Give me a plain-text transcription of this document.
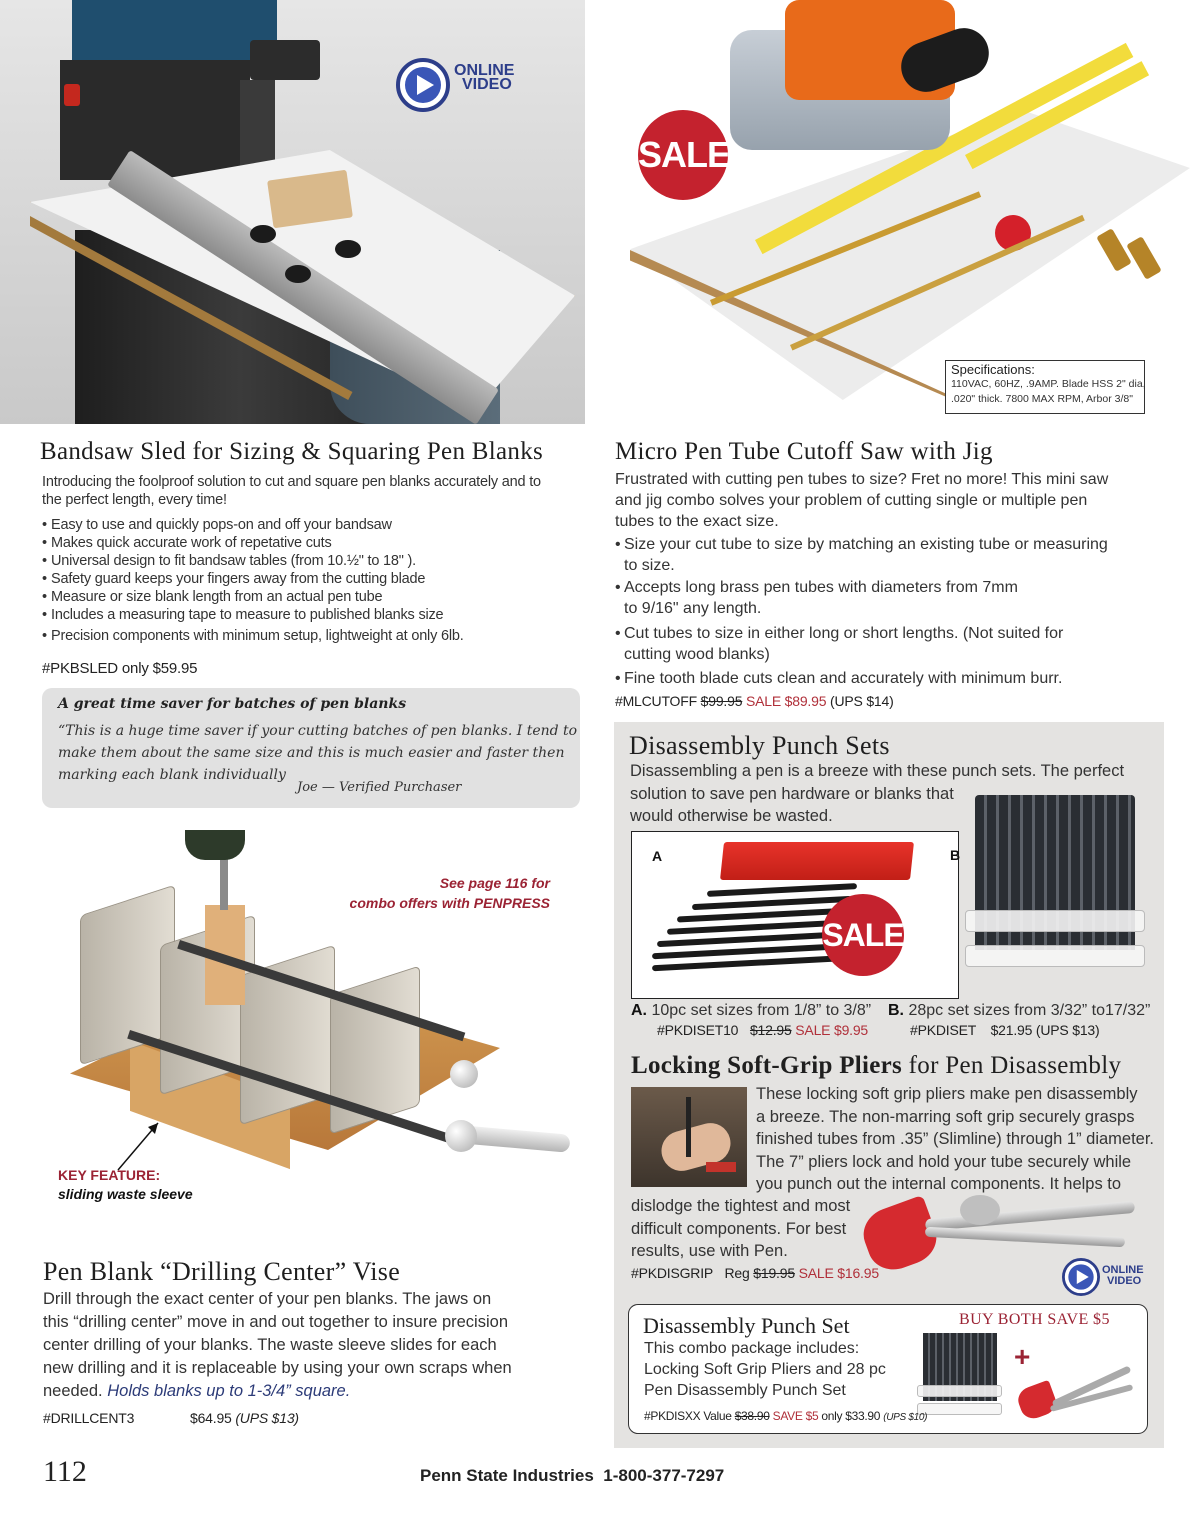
ONLINE
VIDEO
SALE
Specifications:
110VAC, 60HZ, .9AMP. Blade HSS 2" dia,
.020" thick. 7800 MAX RPM, Arbor 3/8"
Bandsaw Sled for Sizing & Squaring Pen Blanks
Introducing the foolproof solution to cut and square pen blanks accurately and to
the perfect length, every time!
• Easy to use and quickly pops-on and off your bandsaw
• Makes quick accurate work of repetative cuts
• Universal design to fit bandsaw tables (from 10.½" to 18" ).
• Safety guard keeps your fingers away from the cutting blade
• Measure or size blank length from an actual pen tube
• Includes a measuring tape to measure to published blanks size
• Precision components with minimum setup, lightweight at only 6lb.
#PKBSLED only $59.95
A great time saver for batches of pen blanks
“This is a huge time saver if your cutting batches of pen blanks. I tend to
make them about the same size and this is much easier and faster then
marking each blank individually
Joe — Verified Purchaser
Micro Pen Tube Cutoff Saw with Jig
Frustrated with cutting pen tubes to size? Fret no more! This mini saw
and jig combo solves your problem of cutting single or multiple pen
tubes to the exact size.
• Size your cut tube to size by matching an existing tube or measuring
to size.
• Accepts long brass pen tubes with diameters from 7mm
to 9/16" any length.
• Cut tubes to size in either long or short lengths. (Not suited for
cutting wood blanks)
• Fine tooth blade cuts clean and accurately with minimum burr.
#MLCUTOFF $99.95 SALE $89.95 (UPS $14)
See page 116 for
combo offers with PENPRESS
KEY FEATURE:
sliding waste sleeve
Pen Blank “Drilling Center” Vise
Drill through the exact center of your pen blanks. The jaws on
this “drilling center” move in and out together to insure precision
center drilling of your blanks. The waste sleeve slides for each
new drilling and it is replaceable by using your own scraps when
needed. Holds blanks up to 1-3/4” square.
#DRILLCENT3	$64.95 (UPS $13)
Disassembly Punch Sets
Disassembling a pen is a breeze with these punch sets. The perfect
solution to save pen hardware or blanks that
would otherwise be wasted.
A
SALE
B
A. 10pc set sizes from 1/8” to 3/8”
#PKDISET10 $12.95 SALE $9.95
B. 28pc set sizes from 3/32” to17/32”
#PKDISET    $21.95 (UPS $13)
Locking Soft-Grip Pliers for Pen Disassembly
These locking soft grip pliers make pen disassembly
a breeze. The non-marring soft grip securely grasps
finished tubes from .35” (Slimline) through 1” diameter.
The 7” pliers lock and hold your tube securely while
you punch out the internal components. It helps to
dislodge the tightest and most
difficult components. For best
results, use with Pen.
#PKDISGRIP Reg $19.95 SALE $16.95	ONLINE
VIDEO
Disassembly Punch Set	BUY BOTH SAVE $5
This combo package includes:
Locking Soft Grip Pliers and 28 pc
Pen Disassembly Punch Set
+
#PKDISXX Value $38.90 SAVE $5 only $33.90 (UPS $10)
112	Penn State Industries  1-800-377-7297
